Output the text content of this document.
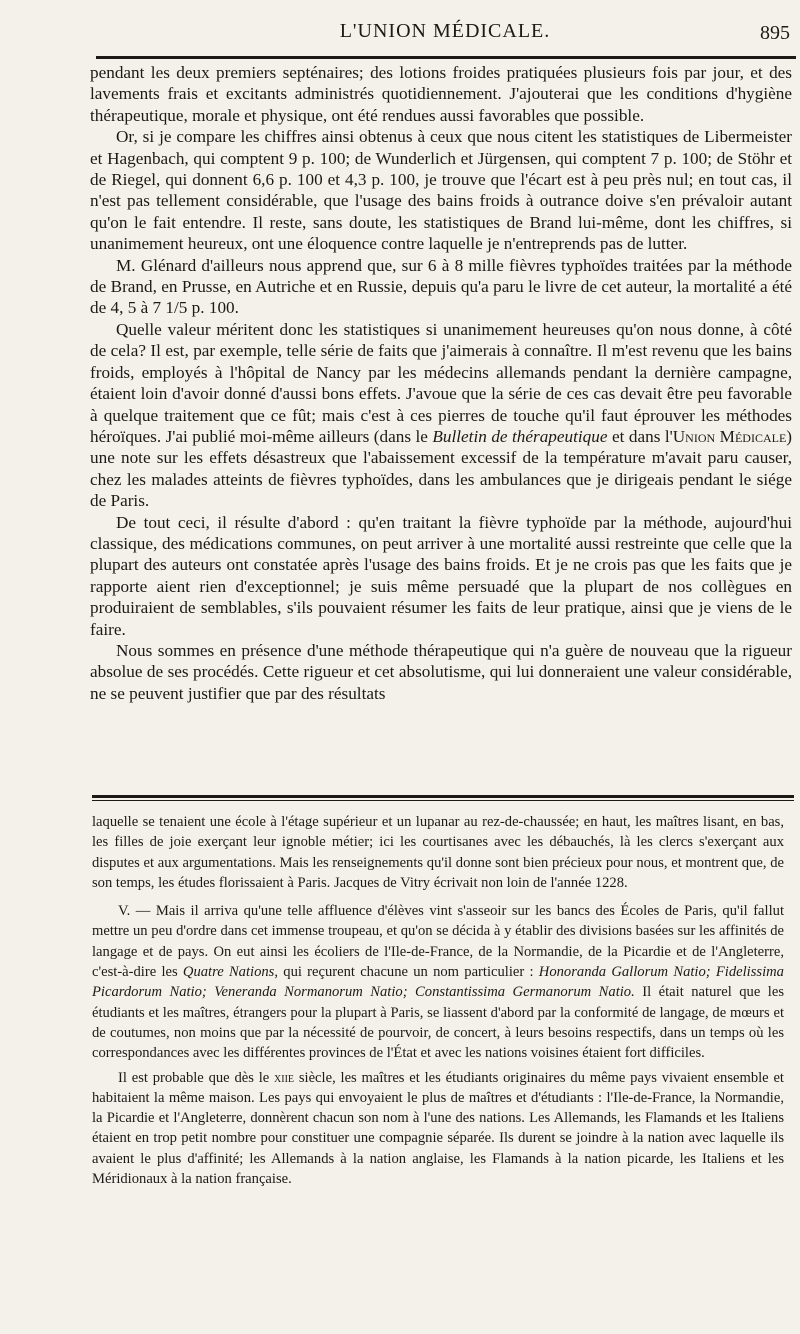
L'UNION MÉDICALE.	895

pendant les deux premiers septénaires; des lotions froides pratiquées plusieurs fois par jour, et des lavements frais et excitants administrés quotidiennement. J'ajouterai que les conditions d'hygiène thérapeutique, morale et physique, ont été rendues aussi favorables que possible.

Or, si je compare les chiffres ainsi obtenus à ceux que nous citent les statistiques de Libermeister et Hagenbach, qui comptent 9 p. 100; de Wunderlich et Jürgensen, qui comptent 7 p. 100; de Stöhr et de Riegel, qui donnent 6,6 p. 100 et 4,3 p. 100, je trouve que l'écart est à peu près nul; en tout cas, il n'est pas tellement considérable, que l'usage des bains froids à outrance doive s'en prévaloir autant qu'on le fait entendre. Il reste, sans doute, les statistiques de Brand lui-même, dont les chiffres, si unanimement heureux, ont une éloquence contre laquelle je n'entreprends pas de lutter.

M. Glénard d'ailleurs nous apprend que, sur 6 à 8 mille fièvres typhoïdes traitées par la méthode de Brand, en Prusse, en Autriche et en Russie, depuis qu'a paru le livre de cet auteur, la mortalité a été de 4, 5 à 7 1/5 p. 100.

Quelle valeur méritent donc les statistiques si unanimement heureuses qu'on nous donne, à côté de cela? Il est, par exemple, telle série de faits que j'aimerais à connaître. Il m'est revenu que les bains froids, employés à l'hôpital de Nancy par les médecins allemands pendant la dernière campagne, étaient loin d'avoir donné d'aussi bons effets. J'avoue que la série de ces cas devait être peu favorable à quelque traitement que ce fût; mais c'est à ces pierres de touche qu'il faut éprouver les méthodes héroïques. J'ai publié moi-même ailleurs (dans le Bulletin de thérapeutique et dans l'Union Médicale) une note sur les effets désastreux que l'abaissement excessif de la température m'avait paru causer, chez les malades atteints de fièvres typhoïdes, dans les ambulances que je dirigeais pendant le siége de Paris.

De tout ceci, il résulte d'abord : qu'en traitant la fièvre typhoïde par la méthode, aujourd'hui classique, des médications communes, on peut arriver à une mortalité aussi restreinte que celle que la plupart des auteurs ont constatée après l'usage des bains froids. Et je ne crois pas que les faits que je rapporte aient rien d'exceptionnel; je suis même persuadé que la plupart de nos collègues en produiraient de semblables, s'ils pouvaient résumer les faits de leur pratique, ainsi que je viens de le faire.

Nous sommes en présence d'une méthode thérapeutique qui n'a guère de nouveau que la rigueur absolue de ses procédés. Cette rigueur et cet absolutisme, qui lui donneraient une valeur considérable, ne se peuvent justifier que par des résultats

laquelle se tenaient une école à l'étage supérieur et un lupanar au rez-de-chaussée; en haut, les maîtres lisant, en bas, les filles de joie exerçant leur ignoble métier; ici les courtisanes avec les débauchés, là les clercs s'exerçant aux disputes et aux argumentations. Mais les renseignements qu'il donne sont bien précieux pour nous, et montrent que, de son temps, les études florissaient à Paris. Jacques de Vitry écrivait non loin de l'année 1228.

V. — Mais il arriva qu'une telle affluence d'élèves vint s'asseoir sur les bancs des Écoles de Paris, qu'il fallut mettre un peu d'ordre dans cet immense troupeau, et qu'on se décida à y établir des divisions basées sur les affinités de langage et de pays. On eut ainsi les écoliers de l'Ile-de-France, de la Normandie, de la Picardie et de l'Angleterre, c'est-à-dire les Quatre Nations, qui reçurent chacune un nom particulier : Honoranda Gallorum Natio; Fidelissima Picardorum Natio; Veneranda Normanorum Natio; Constantissima Germanorum Natio. Il était naturel que les étudiants et les maîtres, étrangers pour la plupart à Paris, se liassent d'abord par la conformité de langage, de mœurs et de coutumes, non moins que par la nécessité de pourvoir, de concert, à leurs besoins respectifs, dans un temps où les correspondances avec les différentes provinces de l'État et avec les nations voisines étaient fort difficiles.

Il est probable que dès le xiie siècle, les maîtres et les étudiants originaires du même pays vivaient ensemble et habitaient la même maison. Les pays qui envoyaient le plus de maîtres et d'étudiants : l'Ile-de-France, la Normandie, la Picardie et l'Angleterre, donnèrent chacun son nom à l'une des nations. Les Allemands, les Flamands et les Italiens étaient en trop petit nombre pour constituer une compagnie séparée. Ils durent se joindre à la nation avec laquelle ils avaient le plus d'affinité; les Allemands à la nation anglaise, les Flamands à la nation picarde, les Italiens et les Méridionaux à la nation française.
